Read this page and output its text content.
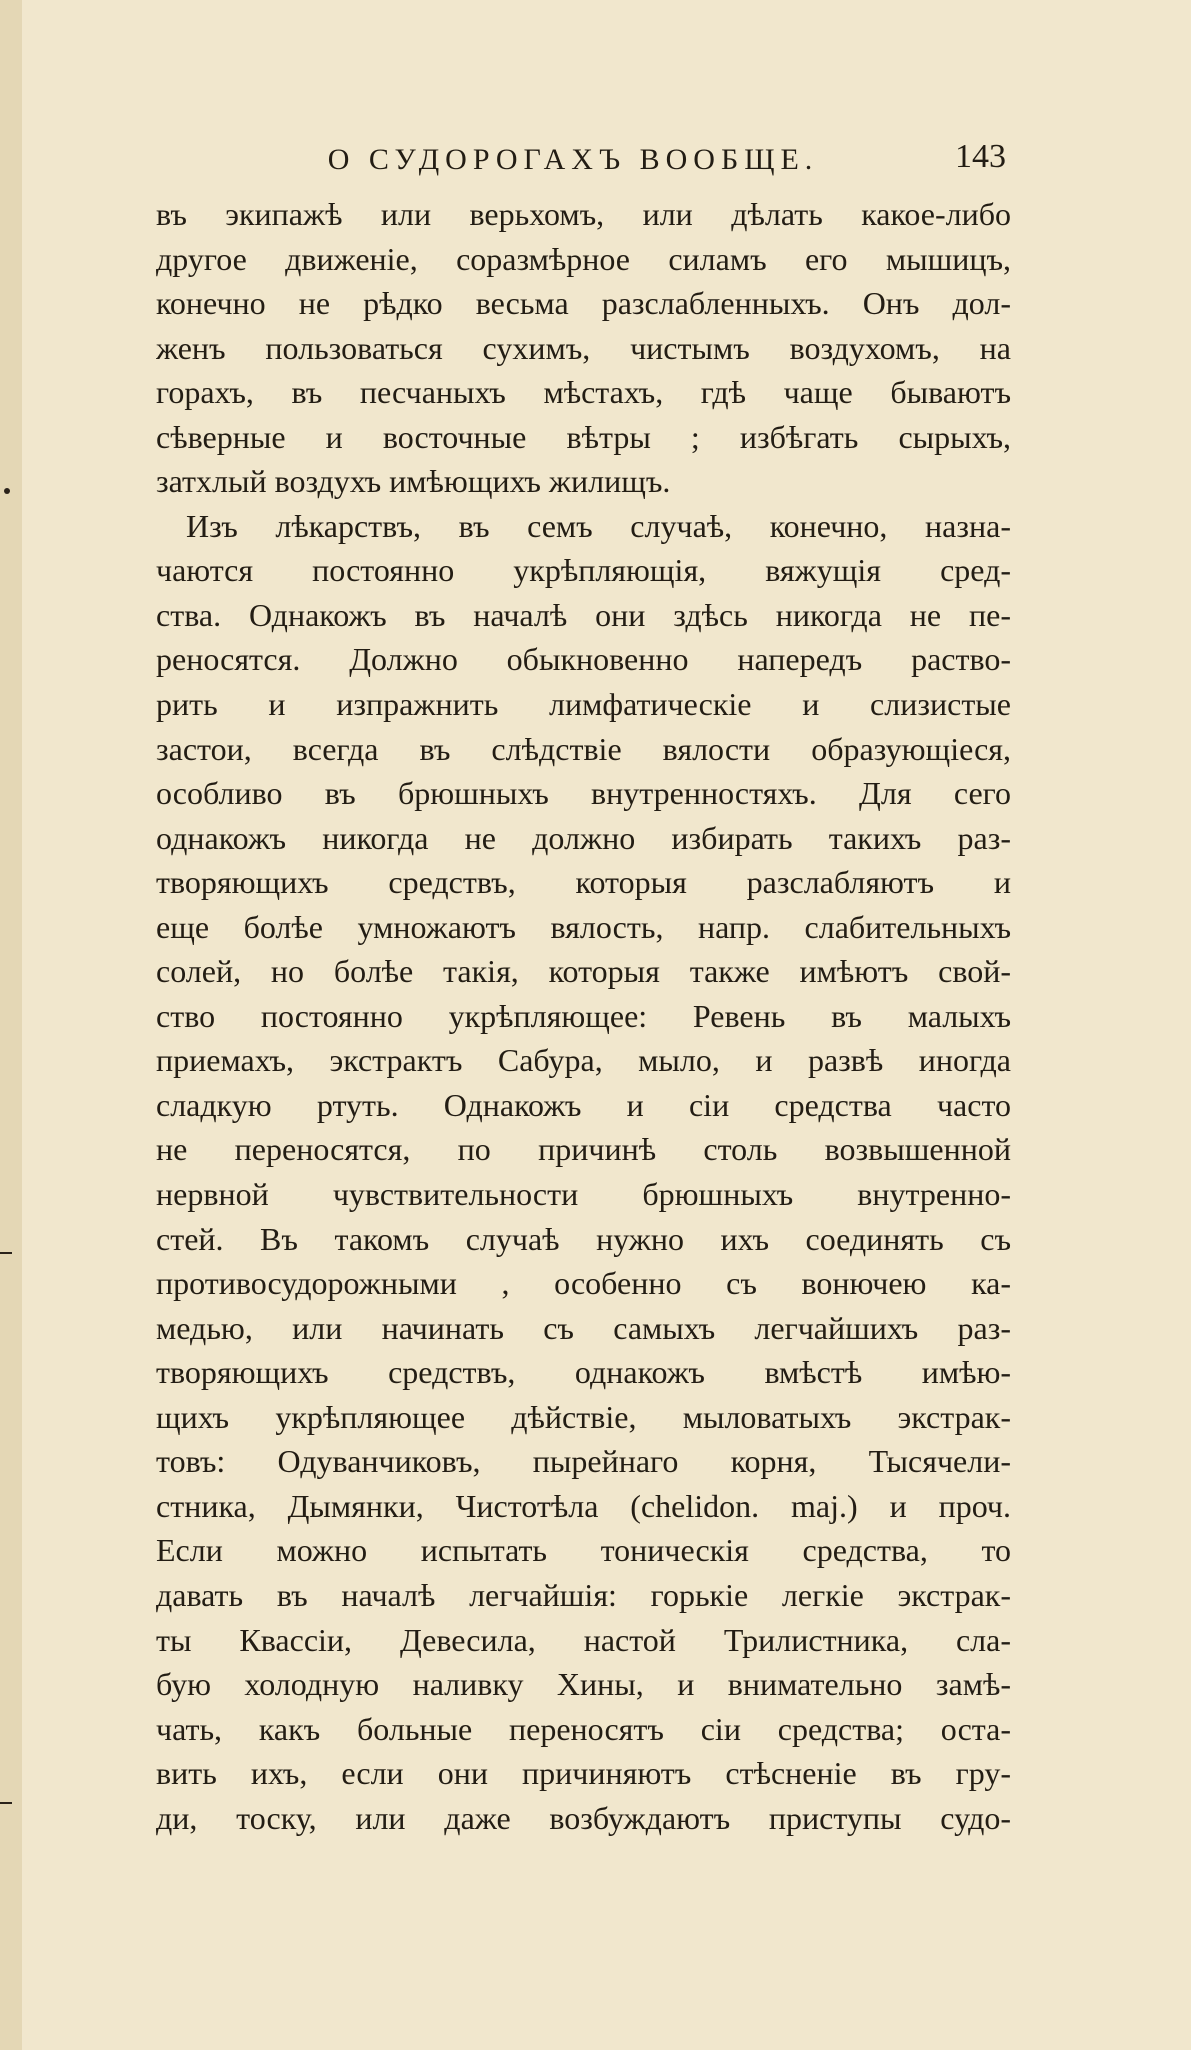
О СУДОРОГАХЪ ВООБЩЕ.	143
въ экипажѣ или верьхомъ, или дѣлать какое-либо
другое движеніе, соразмѣрное силамъ его мышицъ,
конечно не рѣдко весьма разслабленныхъ. Онъ дол-
женъ пользоваться сухимъ, чистымъ воздухомъ, на
горахъ, въ песчаныхъ мѣстахъ, гдѣ чаще бываютъ
сѣверные и восточные вѣтры ; избѣгать сырыхъ,
затхлый воздухъ имѣющихъ жилищъ.
Изъ лѣкарствъ, въ семъ случаѣ, конечно, назна-
чаются постоянно укрѣпляющія, вяжущія сред-
ства. Однакожъ въ началѣ они здѣсь никогда не пе-
реносятся. Должно обыкновенно напередъ раство-
рить и изпражнить лимфатическіе и слизистые
застои, всегда въ слѣдствіе вялости образующіеся,
особливо въ брюшныхъ внутренностяхъ. Для сего
однакожъ никогда не должно избирать такихъ раз-
творяющихъ средствъ, которыя разслабляютъ и
еще болѣе умножаютъ вялость, напр. слабительныхъ
солей, но болѣе такія, которыя также имѣютъ свой-
ство постоянно укрѣпляющее: Ревень въ малыхъ
приемахъ, экстрактъ Сабура, мыло, и развѣ иногда
сладкую ртуть. Однакожъ и сіи средства часто
не переносятся, по причинѣ столь возвышенной
нервной чувствительности брюшныхъ внутренно-
стей. Въ такомъ случаѣ нужно ихъ соединять съ
противосудорожными , особенно съ вонючею ка-
медью, или начинать съ самыхъ легчайшихъ раз-
творяющихъ средствъ, однакожъ вмѣстѣ имѣю-
щихъ укрѣпляющее дѣйствіе, мыловатыхъ экстрак-
товъ: Одуванчиковъ, пырейнаго корня, Тысячели-
стника, Дымянки, Чистотѣла (chelidon. maj.) и проч.
Если можно испытать тоническія средства, то
давать въ началѣ легчайшія: горькіе легкіе экстрак-
ты Квассіи, Девесила, настой Трилистника, сла-
бую холодную наливку Хины, и внимательно замѣ-
чать, какъ больные переносятъ сіи средства; оста-
вить ихъ, если они причиняютъ стѣсненіе въ гру-
ди, тоску, или даже возбуждаютъ приступы судо-
